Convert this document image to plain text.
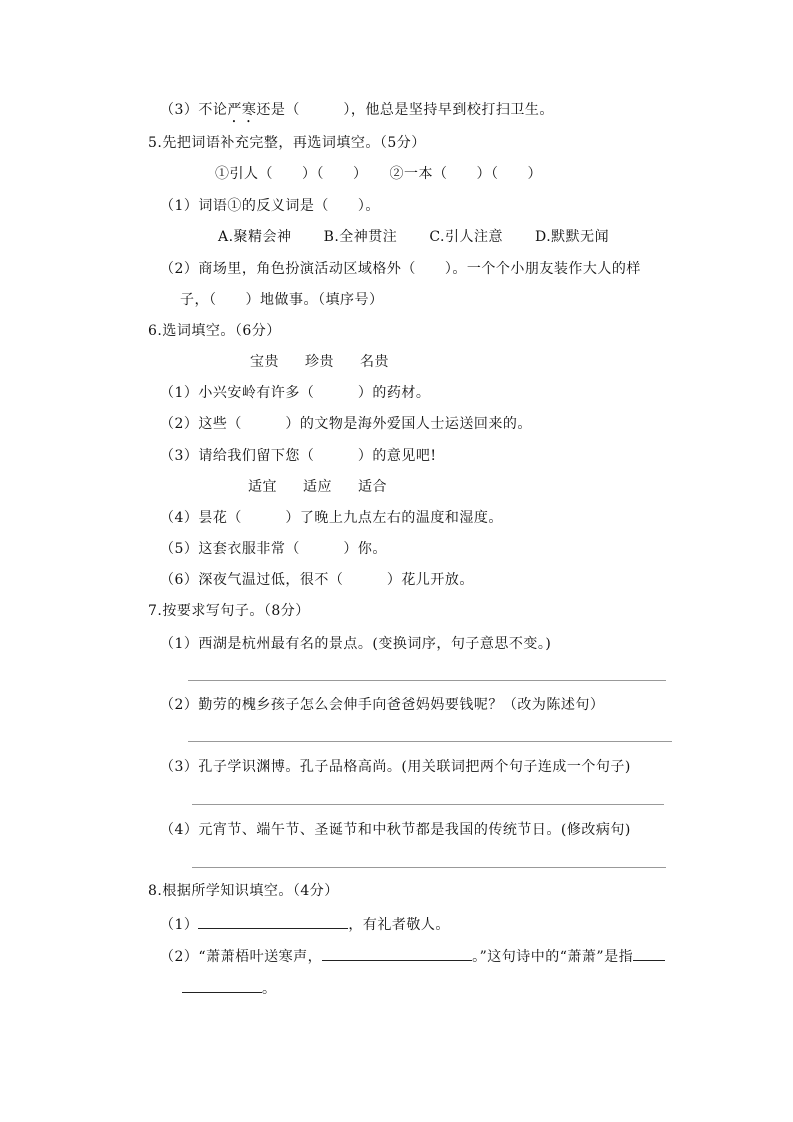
（3）不论严寒还是（　　　），他总是坚持早到校打扫卫生。
5.先把词语补充完整，再选词填空。（5分）
①引人（　　）（　　）　　②一本（　　）（　　）
（1）词语①的反义词是（　　）。
A.聚精会神 B.全神贯注 C.引人注意 D.默默无闻
（2）商场里，角色扮演活动区域格外（　　）。一个个小朋友装作大人的样
子，（　　）地做事。（填序号）
6.选词填空。（6分）
宝贵 珍贵 名贵
（1）小兴安岭有许多（　　　）的药材。
（2）这些（　　　）的文物是海外爱国人士运送回来的。
（3）请给我们留下您（　　　）的意见吧!
适宜 适应 适合
（4）昙花（　　　）了晚上九点左右的温度和湿度。
（5）这套衣服非常（　　　）你。
（6）深夜气温过低，很不（　　　）花儿开放。
7.按要求写句子。（8分）
（1）西湖是杭州最有名的景点。(变换词序，句子意思不变。)
（2）勤劳的槐乡孩子怎么会伸手向爸爸妈妈要钱呢？（改为陈述句）
（3）孔子学识渊博。孔子品格高尚。(用关联词把两个句子连成一个句子)
（4）元宵节、端午节、圣诞节和中秋节都是我国的传统节日。(修改病句)
8.根据所学知识填空。（4分）
（1）	，有礼者敬人。
（2）“萧萧梧叶送寒声，	。”这句诗中的“萧萧”是指
。
